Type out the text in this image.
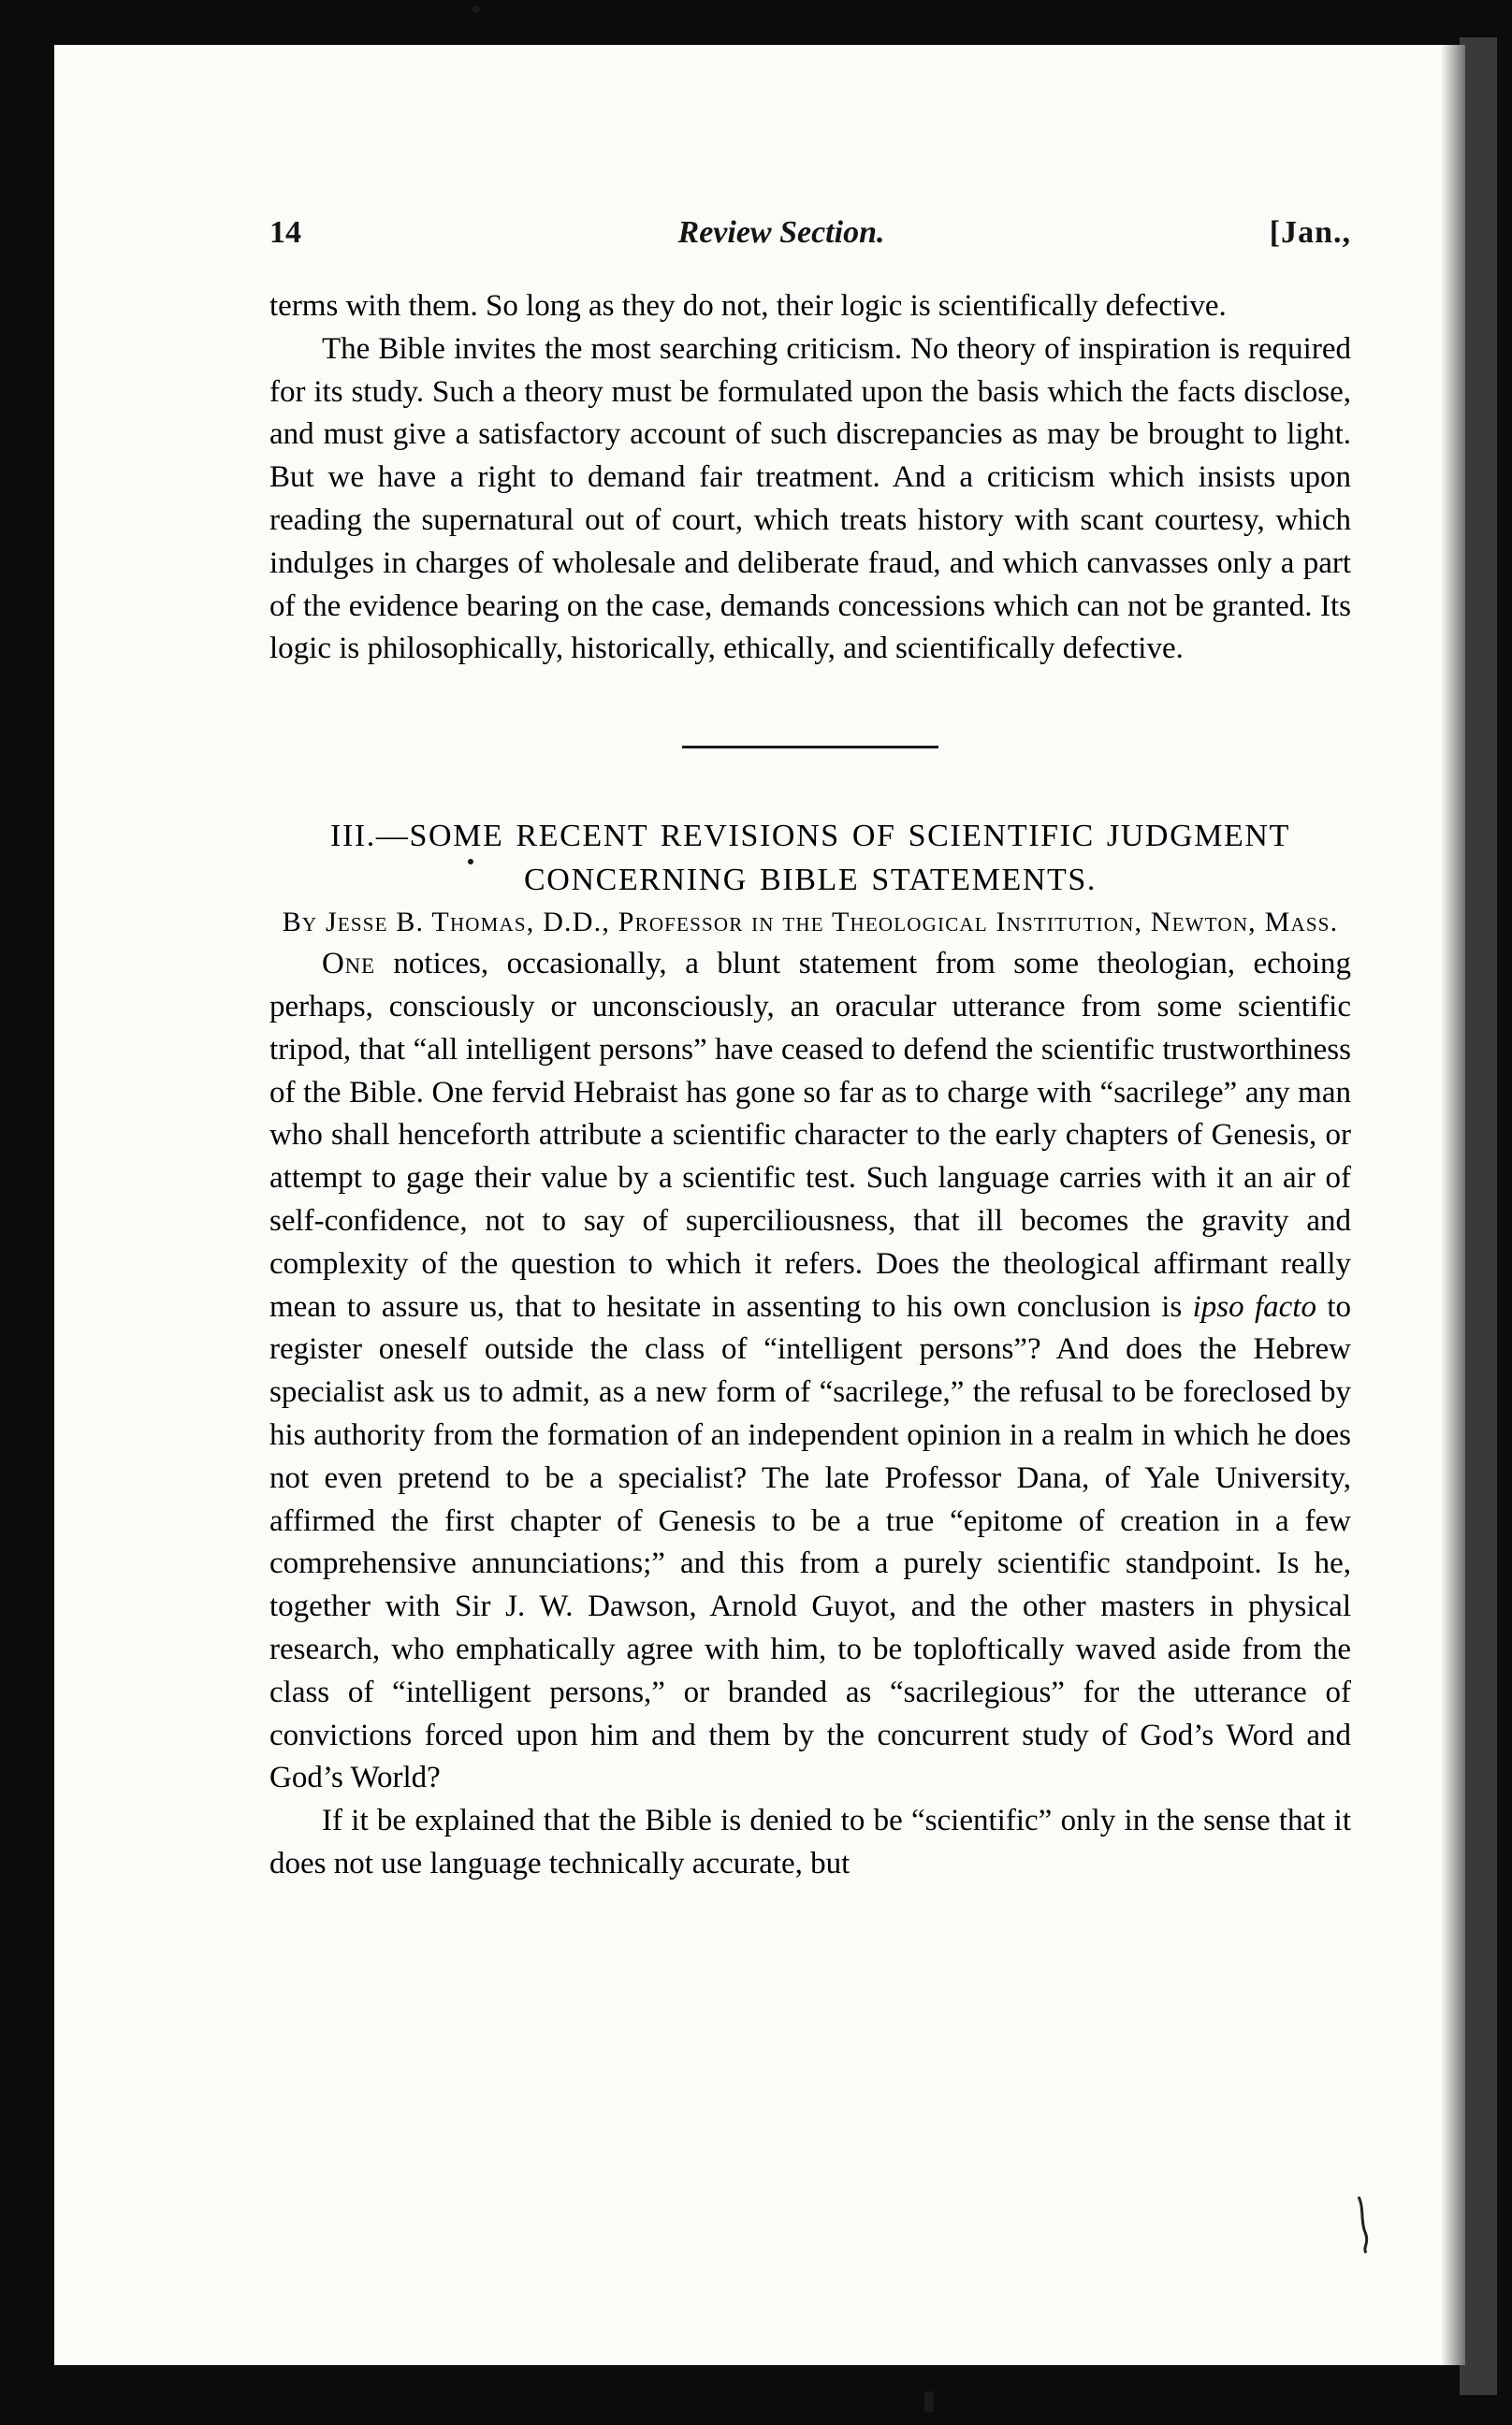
14	Review Section.	[Jan.,

terms with them. So long as they do not, their logic is scientifically defective.

The Bible invites the most searching criticism. No theory of inspiration is required for its study. Such a theory must be formulated upon the basis which the facts disclose, and must give a satisfactory account of such discrepancies as may be brought to light. But we have a right to demand fair treatment. And a criticism which insists upon reading the supernatural out of court, which treats history with scant courtesy, which indulges in charges of wholesale and deliberate fraud, and which canvasses only a part of the evidence bearing on the case, demands concessions which can not be granted. Its logic is philosophically, historically, ethically, and scientifically defective.

III.—SOME RECENT REVISIONS OF SCIENTIFIC JUDGMENT CONCERNING BIBLE STATEMENTS.

By Jesse B. Thomas, D.D., Professor in the Theological Institution, Newton, Mass.

One notices, occasionally, a blunt statement from some theologian, echoing perhaps, consciously or unconsciously, an oracular utterance from some scientific tripod, that “all intelligent persons” have ceased to defend the scientific trustworthiness of the Bible. One fervid Hebraist has gone so far as to charge with “sacrilege” any man who shall henceforth attribute a scientific character to the early chapters of Genesis, or attempt to gage their value by a scientific test. Such language carries with it an air of self-confidence, not to say of superciliousness, that ill becomes the gravity and complexity of the question to which it refers. Does the theological affirmant really mean to assure us, that to hesitate in assenting to his own conclusion is ipso facto to register oneself outside the class of “intelligent persons”? And does the Hebrew specialist ask us to admit, as a new form of “sacrilege,” the refusal to be foreclosed by his authority from the formation of an independent opinion in a realm in which he does not even pretend to be a specialist? The late Professor Dana, of Yale University, affirmed the first chapter of Genesis to be a true “epitome of creation in a few comprehensive annunciations;” and this from a purely scientific standpoint. Is he, together with Sir J. W. Dawson, Arnold Guyot, and the other masters in physical research, who emphatically agree with him, to be toploftically waved aside from the class of “intelligent persons,” or branded as “sacrilegious” for the utterance of convictions forced upon him and them by the concurrent study of God’s Word and God’s World?

If it be explained that the Bible is denied to be “scientific” only in the sense that it does not use language technically accurate, but
